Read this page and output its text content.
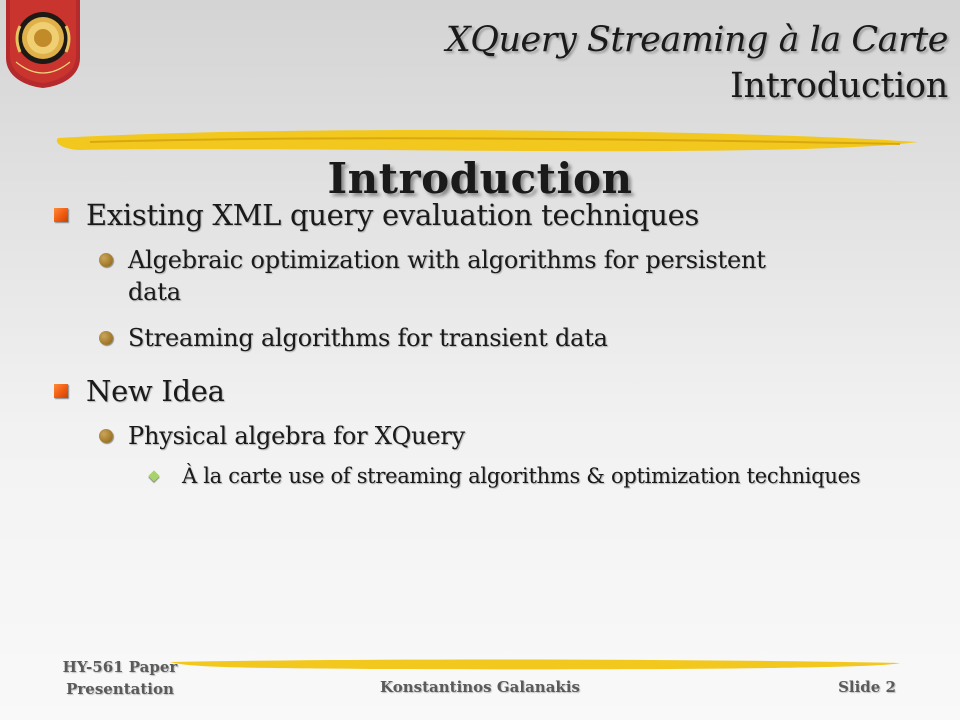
XQuery Streaming à la Carte
Introduction
Introduction
Existing XML query evaluation techniques
Algebraic optimization with algorithms for persistent
data
Streaming algorithms for transient data
New Idea
Physical algebra for XQuery
À la carte use of streaming algorithms & optimization techniques
HY-561 Paper
Presentation	Konstantinos Galanakis	Slide 2
